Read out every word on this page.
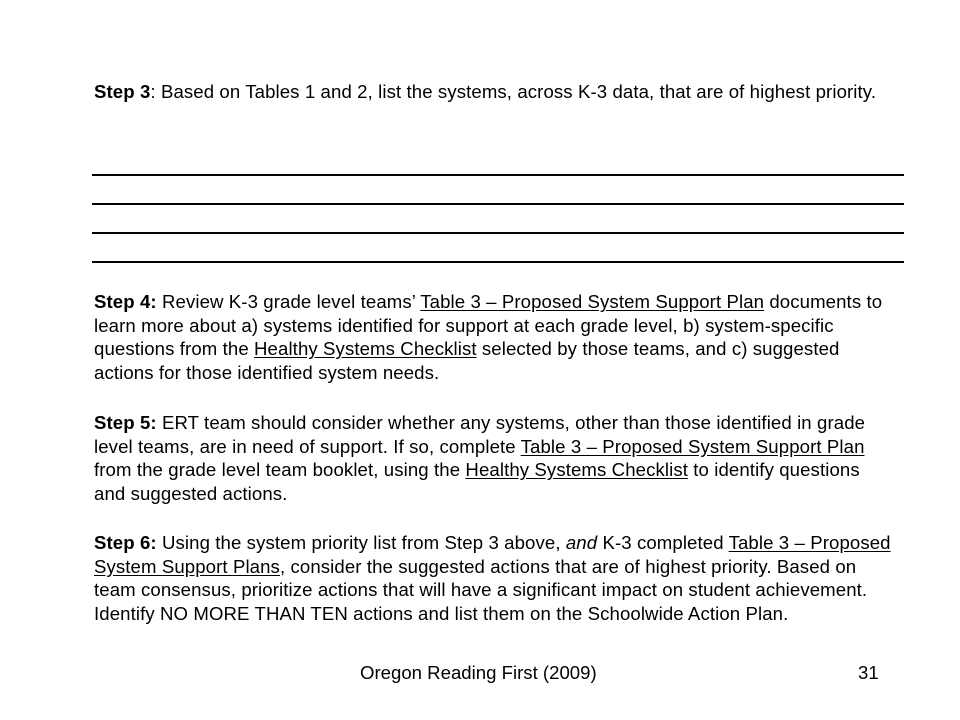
Step 3: Based on Tables 1 and 2, list the systems, across K-3 data, that are of highest priority.

Step 4: Review K-3 grade level teams’ Table 3 – Proposed System Support Plan documents to learn more about a) systems identified for support at each grade level, b) system-specific questions from the Healthy Systems Checklist selected by those teams, and c) suggested actions for those identified system needs.

Step 5: ERT team should consider whether any systems, other than those identified in grade level teams, are in need of support. If so, complete Table 3 – Proposed System Support Plan from the grade level team booklet, using the Healthy Systems Checklist to identify questions and suggested actions.

Step 6: Using the system priority list from Step 3 above, and K-3 completed Table 3 – Proposed System Support Plans, consider the suggested actions that are of highest priority. Based on team consensus, prioritize actions that will have a significant impact on student achievement. Identify NO MORE THAN TEN actions and list them on the Schoolwide Action Plan.

Oregon Reading First (2009)	31
